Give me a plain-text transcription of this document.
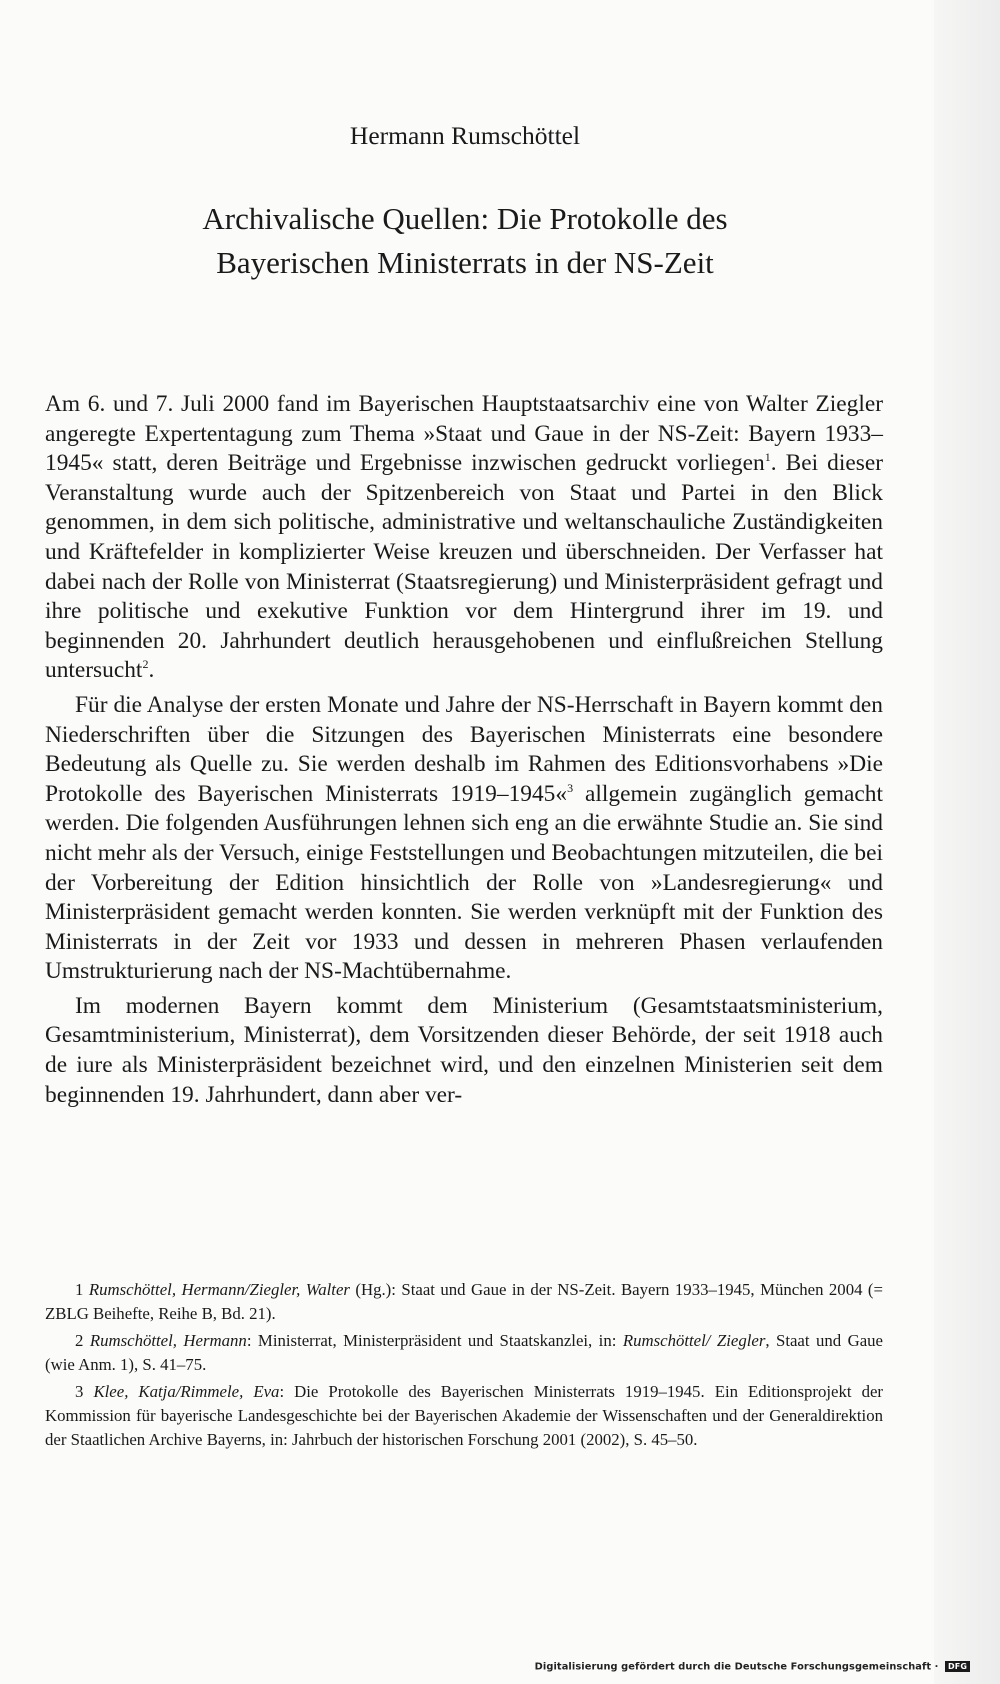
Hermann Rumschöttel
Archivalische Quellen: Die Protokolle des
Bayerischen Ministerrats in der NS-Zeit

Am 6. und 7. Juli 2000 fand im Bayerischen Hauptstaatsarchiv eine von Walter Ziegler angeregte Expertentagung zum Thema »Staat und Gaue in der NS-Zeit: Bayern 1933–1945« statt, deren Beiträge und Ergebnisse inzwischen gedruckt vorliegen$^1$. Bei dieser Veranstaltung wurde auch der Spitzenbereich von Staat und Partei in den Blick genommen, in dem sich politische, administrative und weltanschauliche Zuständigkeiten und Kräftefelder in komplizierter Weise kreuzen und überschneiden. Der Verfasser hat dabei nach der Rolle von Ministerrat (Staatsregierung) und Ministerpräsident gefragt und ihre politische und exekutive Funktion vor dem Hintergrund ihrer im 19. und beginnenden 20. Jahrhundert deutlich herausgehobenen und einflußreichen Stellung untersucht$^2$.

Für die Analyse der ersten Monate und Jahre der NS-Herrschaft in Bayern kommt den Niederschriften über die Sitzungen des Bayerischen Ministerrats eine besondere Bedeutung als Quelle zu. Sie werden deshalb im Rahmen des Editionsvorhabens »Die Protokolle des Bayerischen Ministerrats 1919–1945«$^3$ allgemein zugänglich gemacht werden. Die folgenden Ausführungen lehnen sich eng an die erwähnte Studie an. Sie sind nicht mehr als der Versuch, einige Feststellungen und Beobachtungen mitzuteilen, die bei der Vorbereitung der Edition hinsichtlich der Rolle von »Landesregierung« und Ministerpräsident gemacht werden konnten. Sie werden verknüpft mit der Funktion des Ministerrats in der Zeit vor 1933 und dessen in mehreren Phasen verlaufenden Umstrukturierung nach der NS-Machtübernahme.

Im modernen Bayern kommt dem Ministerium (Gesamtstaatsministerium, Gesamtministerium, Ministerrat), dem Vorsitzenden dieser Behörde, der seit 1918 auch de iure als Ministerpräsident bezeichnet wird, und den einzelnen Ministerien seit dem beginnenden 19. Jahrhundert, dann aber ver-

1 Rumschöttel, Hermann/Ziegler, Walter (Hg.): Staat und Gaue in der NS-Zeit. Bayern 1933–1945, München 2004 (= ZBLG Beihefte, Reihe B, Bd. 21).

2 Rumschöttel, Hermann: Ministerrat, Ministerpräsident und Staatskanzlei, in: Rumschöttel/ Ziegler, Staat und Gaue (wie Anm. 1), S. 41–75.

3 Klee, Katja/Rimmele, Eva: Die Protokolle des Bayerischen Ministerrats 1919–1945. Ein Editionsprojekt der Kommission für bayerische Landesgeschichte bei der Bayerischen Akademie der Wissenschaften und der Generaldirektion der Staatlichen Archive Bayerns, in: Jahrbuch der historischen Forschung 2001 (2002), S. 45–50.

Digitalisierung gefördert durch die Deutsche Forschungsgemeinschaft · DFG
